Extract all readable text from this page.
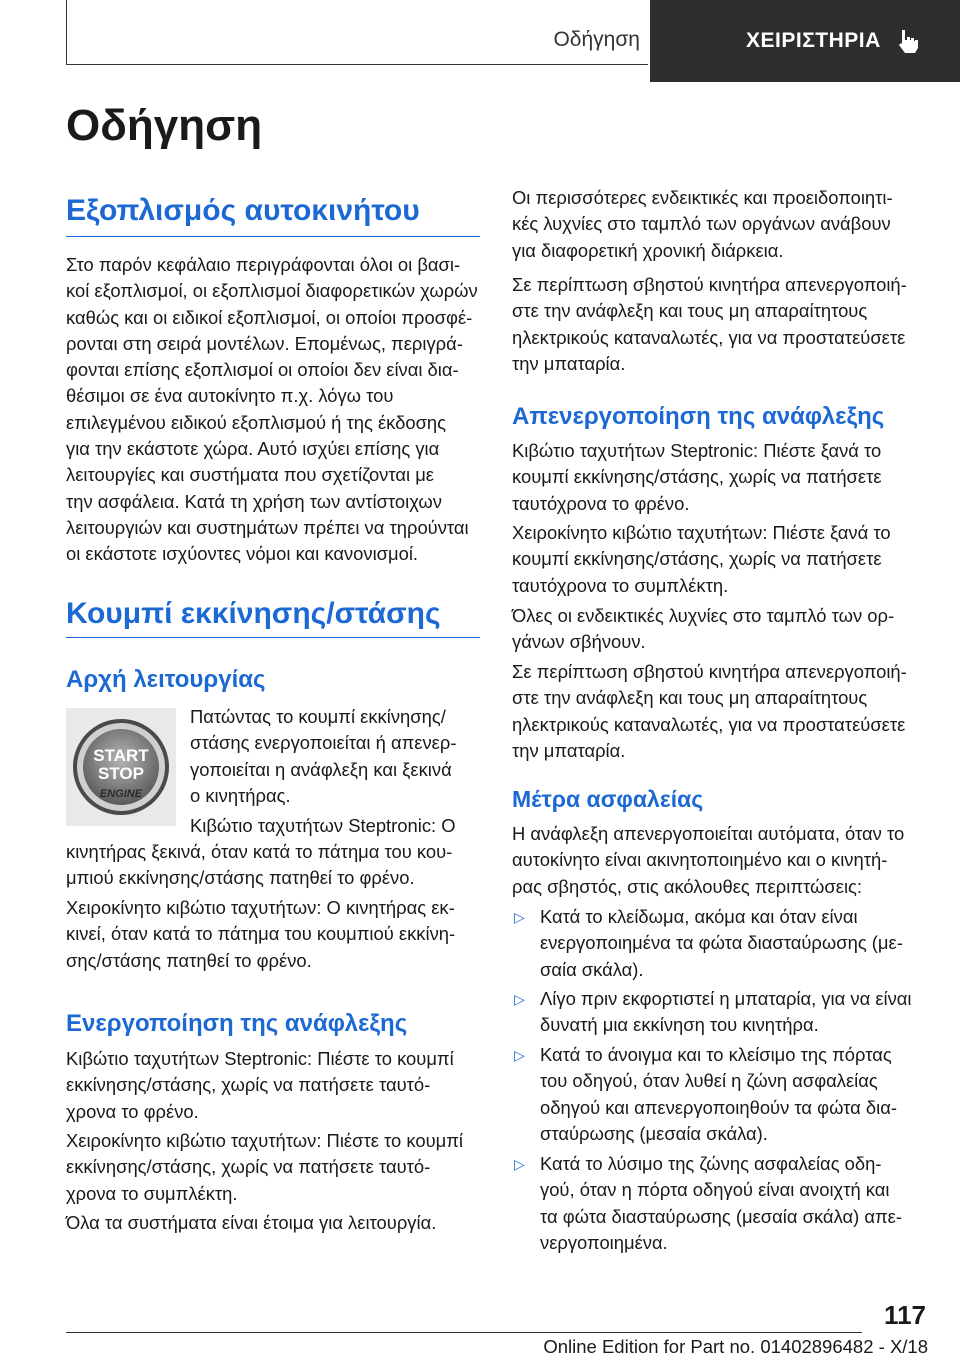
Οδήγηση	ΧΕΙΡΙΣΤΗΡΙΑ
Οδήγηση
Εξοπλισμός αυτοκινήτου
Στο παρόν κεφάλαιο περιγράφονται όλοι οι βασι‐
κοί εξοπλισμοί, οι εξοπλισμοί διαφορετικών χωρών
καθώς και οι ειδικοί εξοπλισμοί, οι οποίοι προσφέ‐
ρονται στη σειρά μοντέλων. Επομένως, περιγρά‐
φονται επίσης εξοπλισμοί οι οποίοι δεν είναι δια‐
θέσιμοι σε ένα αυτοκίνητο π.χ. λόγω του
επιλεγμένου ειδικού εξοπλισμού ή της έκδοσης
για την εκάστοτε χώρα. Αυτό ισχύει επίσης για
λειτουργίες και συστήματα που σχετίζονται με
την ασφάλεια. Κατά τη χρήση των αντίστοιχων
λειτουργιών και συστημάτων πρέπει να τηρούνται
οι εκάστοτε ισχύοντες νόμοι και κανονισμοί.
Κουμπί εκκίνησης/στάσης
Αρχή λειτουργίας
START
STOP
ENGINE
Πατώντας το κουμπί εκκίνησης/
στάσης ενεργοποιείται ή απενερ‐
γοποιείται η ανάφλεξη και ξεκινά
ο κινητήρας.
Κιβώτιο ταχυτήτων Steptronic: Ο
κινητήρας ξεκινά, όταν κατά το πάτημα του κου‐
μπιού εκκίνησης/στάσης πατηθεί το φρένο.
Χειροκίνητο κιβώτιο ταχυτήτων: Ο κινητήρας εκ‐
κινεί, όταν κατά το πάτημα του κουμπιού εκκίνη‐
σης/στάσης πατηθεί το φρένο.
Ενεργοποίηση της ανάφλεξης
Κιβώτιο ταχυτήτων Steptronic: Πιέστε το κουμπί
εκκίνησης/στάσης, χωρίς να πατήσετε ταυτό‐
χρονα το φρένο.
Χειροκίνητο κιβώτιο ταχυτήτων: Πιέστε το κουμπί
εκκίνησης/στάσης, χωρίς να πατήσετε ταυτό‐
χρονα το συμπλέκτη.
Όλα τα συστήματα είναι έτοιμα για λειτουργία.
Οι περισσότερες ενδεικτικές και προειδοποιητι‐
κές λυχνίες στο ταμπλό των οργάνων ανάβουν
για διαφορετική χρονική διάρκεια.
Σε περίπτωση σβηστού κινητήρα απενεργοποιή‐
στε την ανάφλεξη και τους μη απαραίτητους
ηλεκτρικούς καταναλωτές, για να προστατεύσετε
την μπαταρία.
Απενεργοποίηση της ανάφλεξης
Κιβώτιο ταχυτήτων Steptronic: Πιέστε ξανά το
κουμπί εκκίνησης/στάσης, χωρίς να πατήσετε
ταυτόχρονα το φρένο.
Χειροκίνητο κιβώτιο ταχυτήτων: Πιέστε ξανά το
κουμπί εκκίνησης/στάσης, χωρίς να πατήσετε
ταυτόχρονα το συμπλέκτη.
Όλες οι ενδεικτικές λυχνίες στο ταμπλό των ορ‐
γάνων σβήνουν.
Σε περίπτωση σβηστού κινητήρα απενεργοποιή‐
στε την ανάφλεξη και τους μη απαραίτητους
ηλεκτρικούς καταναλωτές, για να προστατεύσετε
την μπαταρία.
Μέτρα ασφαλείας
Η ανάφλεξη απενεργοποιείται αυτόματα, όταν το
αυτοκίνητο είναι ακινητοποιημένο και ο κινητή‐
ρας σβηστός, στις ακόλουθες περιπτώσεις:
▷ Κατά το κλείδωμα, ακόμα και όταν είναι
ενεργοποιημένα τα φώτα διασταύρωσης (με‐
σαία σκάλα).
▷ Λίγο πριν εκφορτιστεί η μπαταρία, για να είναι
δυνατή μια εκκίνηση του κινητήρα.
▷ Κατά το άνοιγμα και το κλείσιμο της πόρτας
του οδηγού, όταν λυθεί η ζώνη ασφαλείας
οδηγού και απενεργοποιηθούν τα φώτα δια‐
σταύρωσης (μεσαία σκάλα).
▷ Κατά το λύσιμο της ζώνης ασφαλείας οδη‐
γού, όταν η πόρτα οδηγού είναι ανοιχτή και
τα φώτα διασταύρωσης (μεσαία σκάλα) απε‐
νεργοποιημένα.
117
Online Edition for Part no. 01402896482 - X/18
